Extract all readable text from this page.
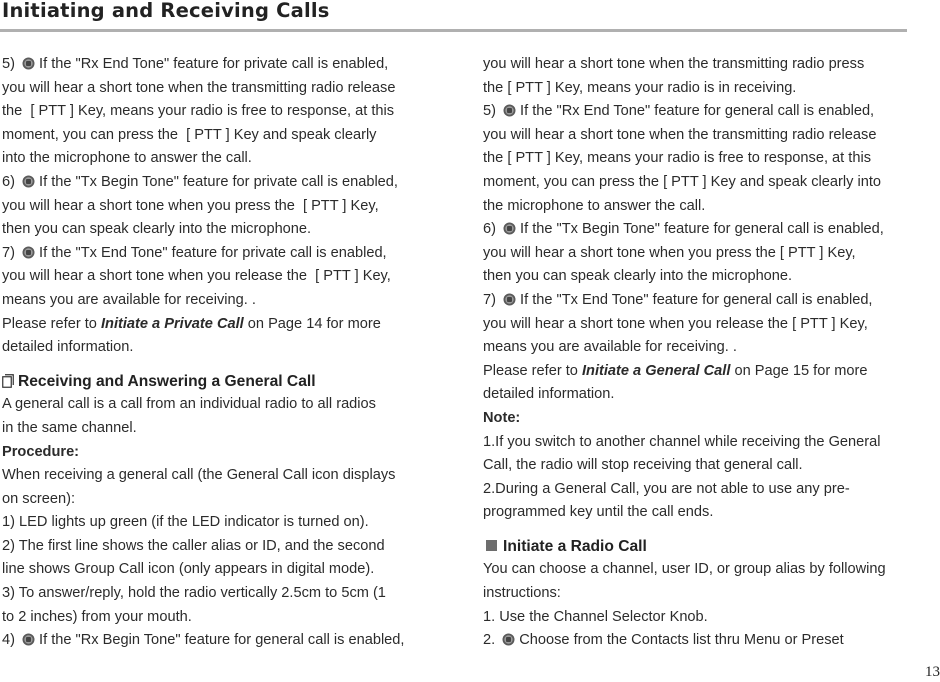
Initiating and Receiving Calls
5) If the "Rx End Tone" feature for private call is enabled,
you will hear a short tone when the transmitting radio release
the  [ PTT ] Key, means your radio is free to response, at this
moment, you can press the  [ PTT ] Key and speak clearly
into the microphone to answer the call.
6) If the "Tx Begin Tone" feature for private call is enabled,
you will hear a short tone when you press the  [ PTT ] Key,
then you can speak clearly into the microphone.
7) If the "Tx End Tone" feature for private call is enabled,
you will hear a short tone when you release the  [ PTT ] Key,
means you are available for receiving. .
Please refer to Initiate a Private Call on Page 14 for more
detailed information.
Receiving and Answering a General Call
A general call is a call from an individual radio to all radios
in the same channel.
Procedure:
When receiving a general call (the General Call icon displays
on screen):
1) LED lights up green (if the LED indicator is turned on).
2) The first line shows the caller alias or ID, and the second
line shows Group Call icon (only appears in digital mode).
3) To answer/reply, hold the radio vertically 2.5cm to 5cm (1
to 2 inches) from your mouth.
4) If the "Rx Begin Tone" feature for general call is enabled,
you will hear a short tone when the transmitting radio press
the [ PTT ] Key, means your radio is in receiving.
5) If the "Rx End Tone" feature for general call is enabled,
you will hear a short tone when the transmitting radio release
the [ PTT ] Key, means your radio is free to response, at this
moment, you can press the [ PTT ] Key and speak clearly into
the microphone to answer the call.
6) If the "Tx Begin Tone" feature for general call is enabled,
you will hear a short tone when you press the [ PTT ] Key,
then you can speak clearly into the microphone.
7) If the "Tx End Tone" feature for general call is enabled,
you will hear a short tone when you release the [ PTT ] Key,
means you are available for receiving. .
Please refer to Initiate a General Call on Page 15 for more
detailed information.
Note:
1.If you switch to another channel while receiving the General
Call, the radio will stop receiving that general call.
2.During a General Call, you are not able to use any pre-
programmed key until the call ends.
Initiate a Radio Call
You can choose a channel, user ID, or group alias by following
instructions:
1. Use the Channel Selector Knob.
2. Choose from the Contacts list thru Menu or Preset
13
